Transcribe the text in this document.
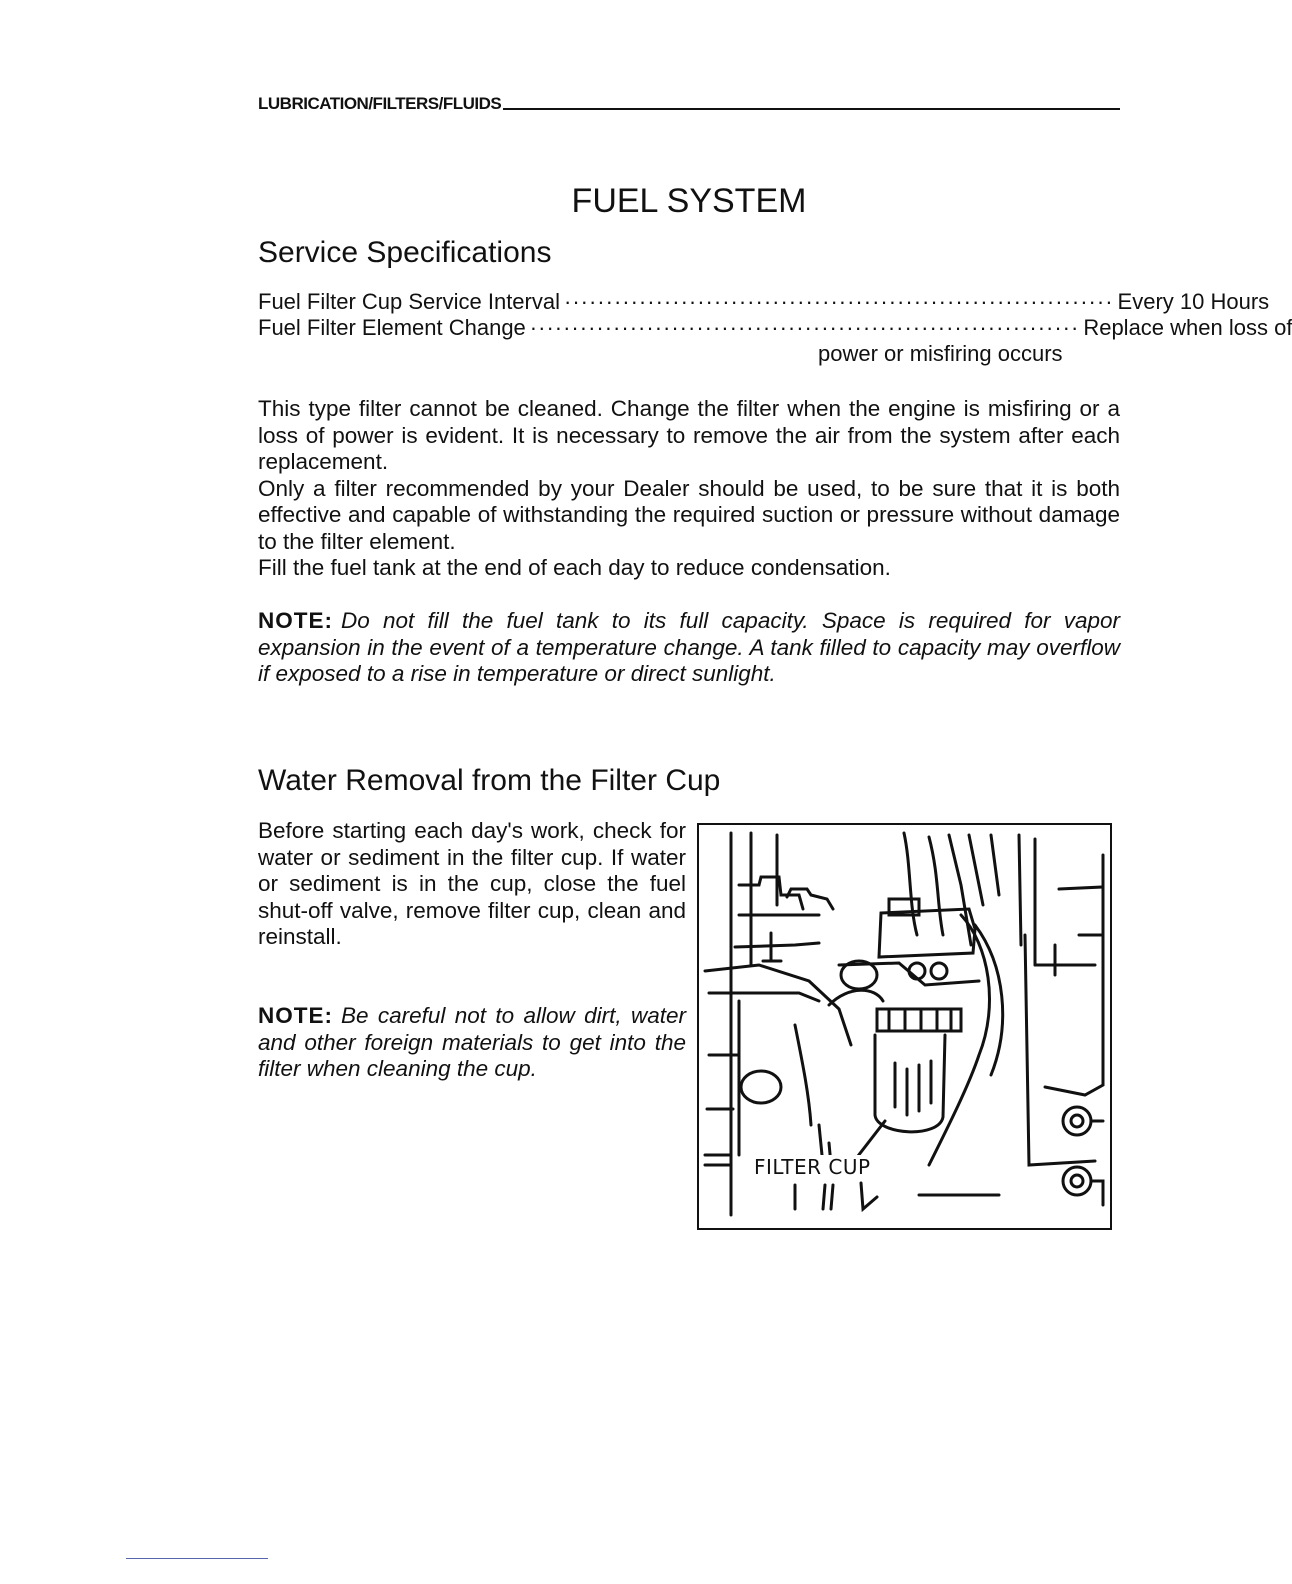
LUBRICATION/FILTERS/FLUIDS
FUEL SYSTEM
Service Specifications
Fuel Filter Cup Service Interval ·································································· Every 10 Hours
Fuel Filter Element Change ·································································· Replace when loss of
power or misfiring occurs

This type filter cannot be cleaned. Change the filter when the engine is misfiring or a loss of power is evident. It is necessary to remove the air from the system after each replacement.

Only a filter recommended by your Dealer should be used, to be sure that it is both effective and capable of withstanding the required suction or pressure without damage to the filter element.

Fill the fuel tank at the end of each day to reduce condensation.

NOTE: Do not fill the fuel tank to its full capacity. Space is required for vapor expansion in the event of a temperature change. A tank filled to capacity may overflow if exposed to a rise in temperature or direct sunlight.
Water Removal from the Filter Cup
Before starting each day's work, check for water or sediment in the filter cup. If water or sediment is in the cup, close the fuel shut-off valve, remove filter cup, clean and reinstall.
NOTE: Be careful not to allow dirt, water and other foreign materials to get into the filter when cleaning the cup.
FILTER CUP
